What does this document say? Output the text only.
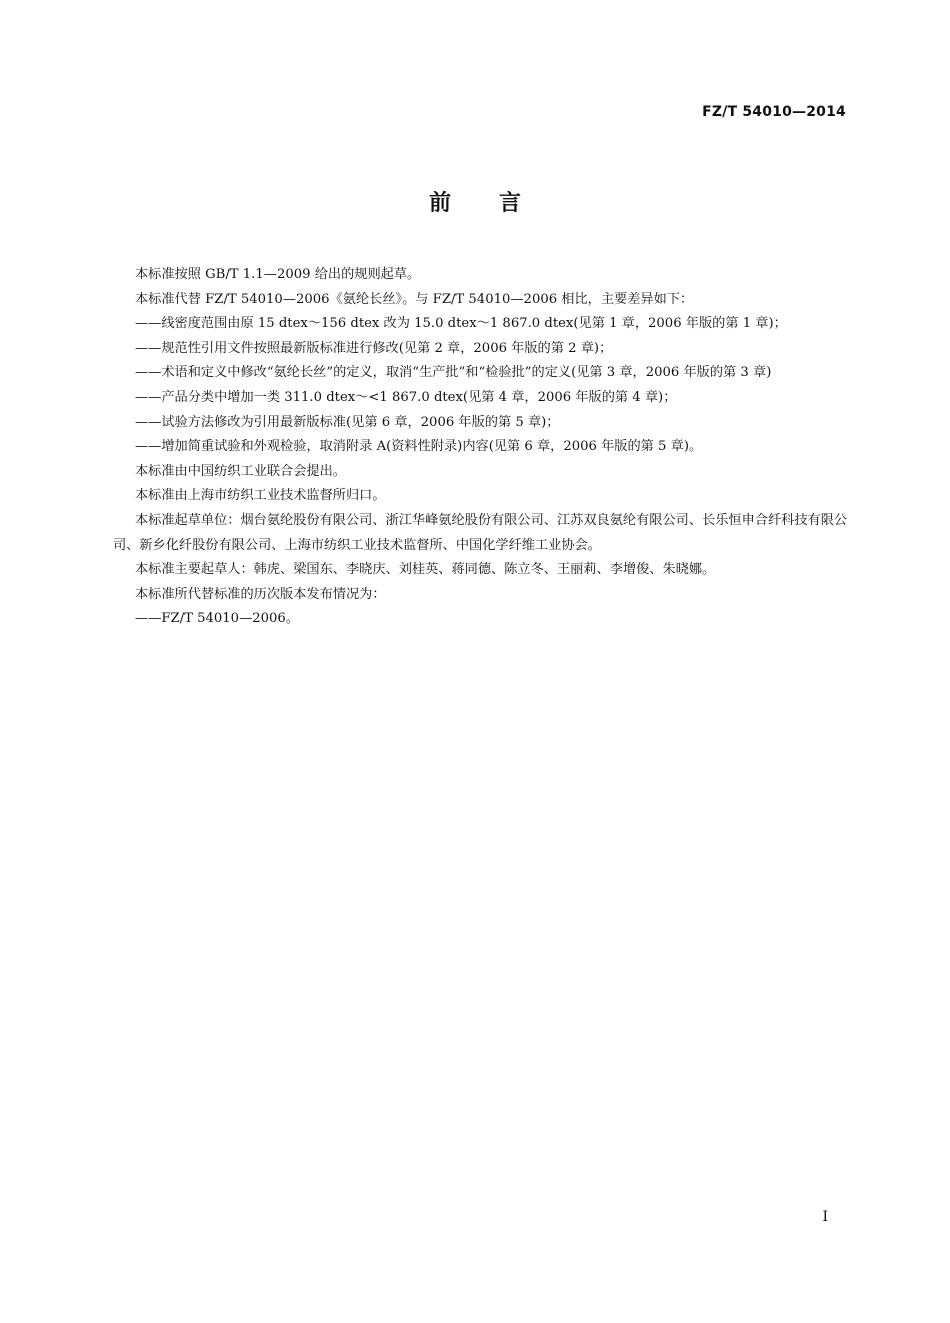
FZ/T 54010—2014
前 言

本标准按照 GB/T 1.1—2009 给出的规则起草。

本标准代替 FZ/T 54010—2006《氨纶长丝》。与 FZ/T 54010—2006 相比，主要差异如下：

——线密度范围由原 15 dtex～156 dtex 改为 15.0 dtex～1 867.0 dtex(见第 1 章，2006 年版的第 1 章)；

——规范性引用文件按照最新版标准进行修改(见第 2 章，2006 年版的第 2 章)；

——术语和定义中修改“氨纶长丝”的定义，取消“生产批”和“检验批”的定义(见第 3 章，2006 年版的第 3 章)

——产品分类中增加一类 311.0 dtex～<1 867.0 dtex(见第 4 章，2006 年版的第 4 章)；

——试验方法修改为引用最新版标准(见第 6 章，2006 年版的第 5 章)；

——增加简重试验和外观检验，取消附录 A(资料性附录)内容(见第 6 章，2006 年版的第 5 章)。

本标准由中国纺织工业联合会提出。

本标准由上海市纺织工业技术监督所归口。

本标准起草单位：烟台氨纶股份有限公司、浙江华峰氨纶股份有限公司、江苏双良氨纶有限公司、长乐恒申合纤科技有限公司、新乡化纤股份有限公司、上海市纺织工业技术监督所、中国化学纤维工业协会。

本标准主要起草人：韩虎、梁国东、李晓庆、刘桂英、蒋同德、陈立冬、王丽莉、李增俊、朱晓娜。

本标准所代替标准的历次版本发布情况为：

——FZ/T 54010—2006。

I
